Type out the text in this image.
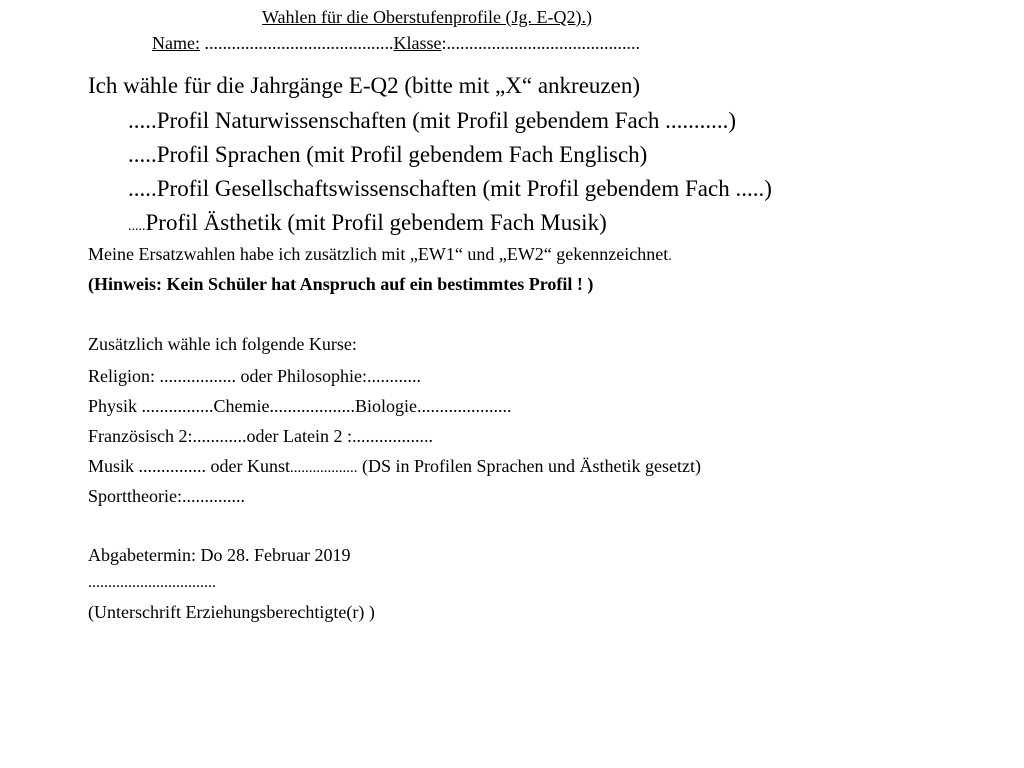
Wahlen für die Oberstufenprofile (Jg. E-Q2).)
Name: ..........................................Klasse:...........................................
Ich wähle für die Jahrgänge E-Q2 (bitte mit „X“ ankreuzen)
.....Profil Naturwissenschaften (mit Profil gebendem Fach ...........)
.....Profil Sprachen (mit Profil gebendem Fach Englisch)
.....Profil Gesellschaftswissenschaften (mit Profil gebendem Fach .....)
.....Profil Ästhetik (mit Profil gebendem Fach Musik)
Meine Ersatzwahlen habe ich zusätzlich mit „EW1“ und „EW2“ gekennzeichnet.
(Hinweis: Kein Schüler hat Anspruch auf ein bestimmtes Profil ! )
Zusätzlich wähle ich folgende Kurse:
Religion: ................. oder Philosophie:............
Physik ................Chemie...................Biologie.....................
Französisch 2:............oder Latein 2 :..................
Musik ............... oder Kunst.................. (DS in Profilen Sprachen und Ästhetik gesetzt)
Sporttheorie:..............
Abgabetermin: Do 28. Februar 2019
................................
(Unterschrift Erziehungsberechtigte(r) )
